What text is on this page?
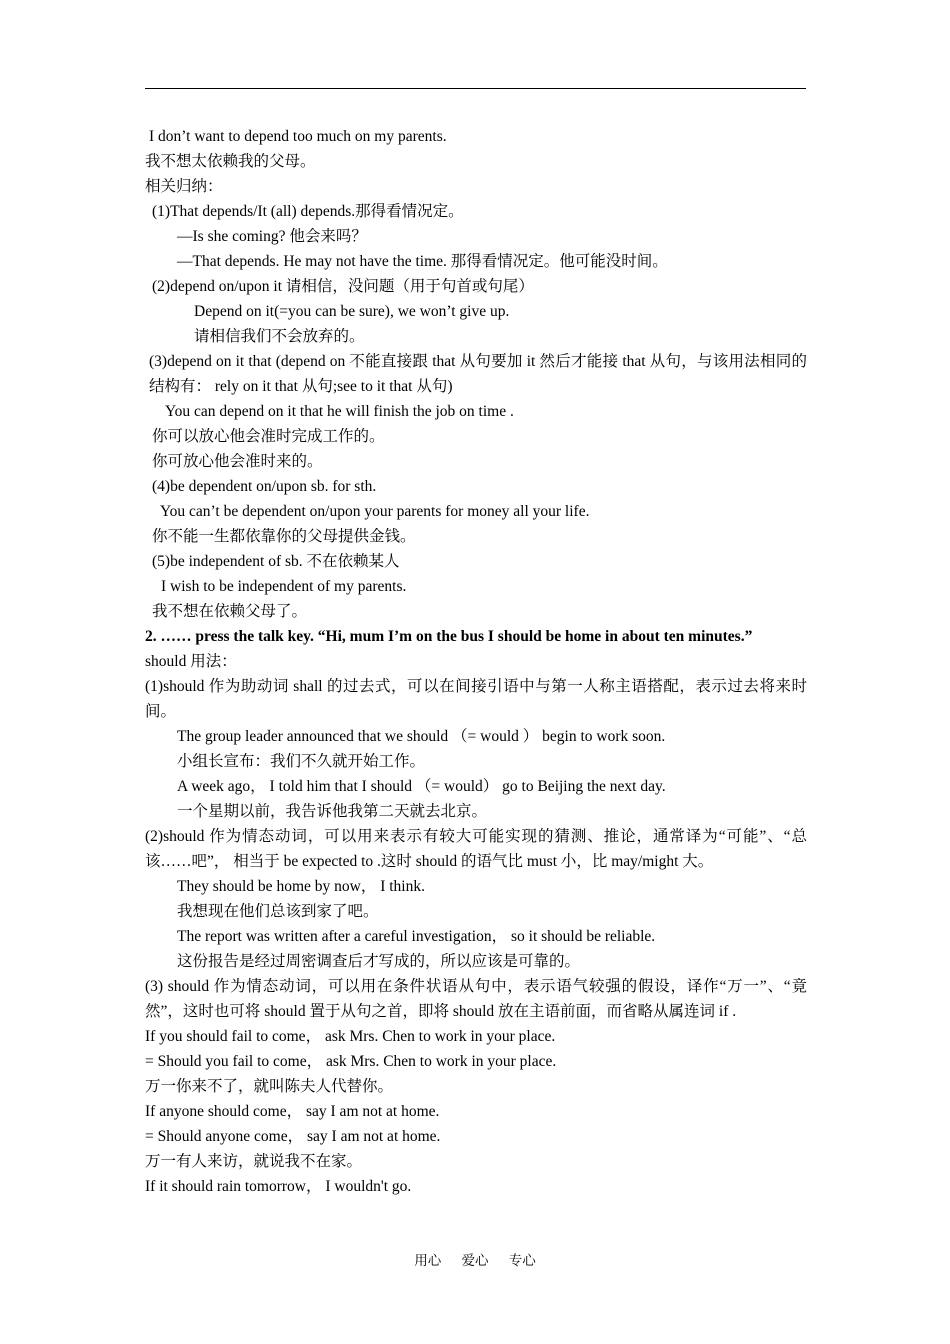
I don’t want to depend too much on my parents.
我不想太依赖我的父母。
相关归纳：
(1)That depends/It (all) depends.那得看情况定。
—Is she coming? 他会来吗？
—That depends. He may not have the time. 那得看情况定。他可能没时间。
(2)depend on/upon it 请相信，没问题（用于句首或句尾）
Depend on it(=you can be sure), we won’t give up.
请相信我们不会放弃的。
(3)depend on it that (depend on 不能直接跟 that 从句要加 it 然后才能接 that 从句，与该用法相同的结构有： rely on it that 从句;see to it that 从句)
You can depend on it that he will finish the job on time .
你可以放心他会准时完成工作的。
你可放心他会准时来的。
(4)be dependent on/upon sb. for sth.
You can’t be dependent on/upon your parents for money all your life.
你不能一生都依靠你的父母提供金钱。
(5)be independent of sb. 不在依赖某人
I wish to be independent of my parents.
我不想在依赖父母了。
2. …… press the talk key. “Hi, mum I’m on the bus I should be home in about ten minutes.”
should 用法：
(1)should 作为助动词 shall 的过去式，可以在间接引语中与第一人称主语搭配，表示过去将来时间。
The group leader announced that we should （= would ） begin to work soon.
小组长宣布：我们不久就开始工作。
A week ago， I told him that I should （= would） go to Beijing the next day.
一个星期以前，我告诉他我第二天就去北京。
(2)should 作为情态动词，可以用来表示有较大可能实现的猜测、推论，通常译为“可能”、“总该……吧”， 相当于 be expected to .这时 should 的语气比 must 小，比 may/might 大。
They should be home by now， I think.
我想现在他们总该到家了吧。
The report was written after a careful investigation， so it should be reliable.
这份报告是经过周密调查后才写成的，所以应该是可靠的。
(3) should 作为情态动词，可以用在条件状语从句中，表示语气较强的假设，译作“万一”、“竟然”，这时也可将 should 置于从句之首，即将 should 放在主语前面，而省略从属连词 if .
If you should fail to come， ask Mrs. Chen to work in your place.
= Should you fail to come， ask Mrs. Chen to work in your place.
万一你来不了，就叫陈夫人代替你。
If anyone should come， say I am not at home.
= Should anyone come， say I am not at home.
万一有人来访，就说我不在家。
If it should rain tomorrow， I wouldn't go.
用心 爱心 专心
